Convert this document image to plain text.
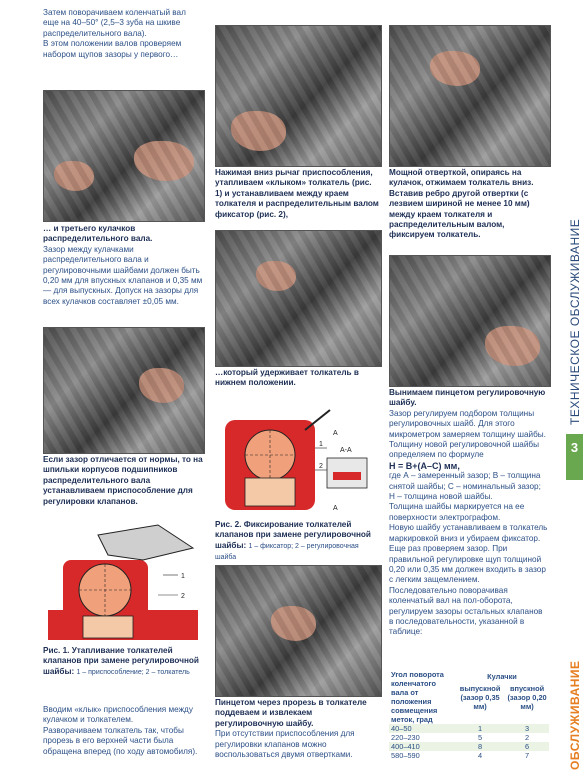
Затем поворачиваем коленчатый вал еще на 40–50° (2,5–3 зуба на шкиве распределительного вала).

В этом положении валов проверяем набором щупов зазоры у первого…

… и третьего кулачков распределительного вала.

Зазор между кулачками распределительного вала и регулировочными шайбами должен быть 0,20 мм для впускных клапанов и 0,35 мм — для выпускных. Допуск на зазоры для всех кулачков составляет ±0,05 мм.

Если зазор отличается от нормы, то на шпильки корпусов подшипников распределительного вала устанавливаем приспособление для регулировки клапанов.

1
2

Рис. 1. Утапливание толкателей клапанов при замене регулировочной шайбы: 1 – приспособление; 2 – толкатель

Вводим «клык» приспособления между кулачком и толкателем.

Разворачиваем толкатель так, чтобы прорезь в его верхней части была обращена вперед (по ходу автомобиля).

Нажимая вниз рычаг приспособления, утапливаем «клыком» толкатель (рис. 1) и устанавливаем между краем толкателя и распределительным валом фиксатор (рис. 2),

…который удерживает толкатель в нижнем положении.

A-A
1
2
A
A

Рис. 2. Фиксирование толкателей клапанов при замене регулировочной шайбы: 1 – фиксатор; 2 – регулировочная шайба

Пинцетом через прорезь в толкателе поддеваем и извлекаем регулировочную шайбу.

При отсутствии приспособления для регулировки клапанов можно воспользоваться двумя отвертками.

Мощной отверткой, опираясь на кулачок, отжимаем толкатель вниз. Вставив ребро другой отвертки (с лезвием шириной не менее 10 мм) между краем толкателя и распределительным валом, фиксируем толкатель.

Вынимаем пинцетом регулировочную шайбу.

Зазор регулируем подбором толщины регулировочных шайб. Для этого микрометром замеряем толщину шайбы. Толщину новой регулировочной шайбы определяем по формуле

H = B+(A–C) мм,

где А – замеренный зазор; В – толщина снятой шайбы; С – номинальный зазор; Н – толщина новой шайбы.

Толщина шайбы маркируется на ее поверхности электрографом.

Новую шайбу устанавливаем в толкатель маркировкой вниз и убираем фиксатор.

Еще раз проверяем зазор. При правильной регулировке щуп толщиной 0,20 или 0,35 мм должен входить в зазор с легким защемлением.

Последовательно поворачивая коленчатый вал на пол-оборота, регулируем зазоры остальных клапанов в последовательности, указанной в таблице:

Угол поворота коленчатого вала от положения совмещения меток, град	Кулачки	
	выпускной (зазор 0,35 мм)	впускной (зазор 0,20 мм)
40–50	1	3
220–230	5	2
400–410	8	6
580–590	4	7
ТЕХНИЧЕСКОЕ ОБСЛУЖИВАНИЕ
3
ОБСЛУЖИВАНИЕ
